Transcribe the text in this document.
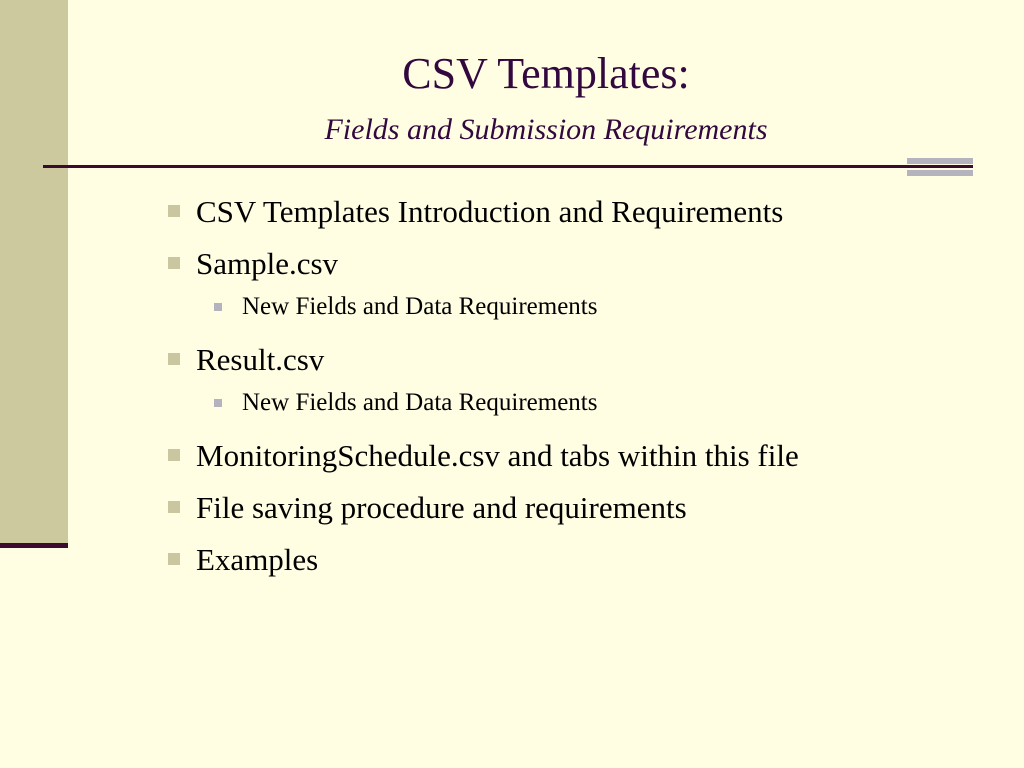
CSV Templates:
Fields and Submission Requirements
CSV Templates Introduction and Requirements
Sample.csv
New Fields and Data Requirements
Result.csv
New Fields and Data Requirements
MonitoringSchedule.csv and tabs within this file
File saving procedure and requirements
Examples
